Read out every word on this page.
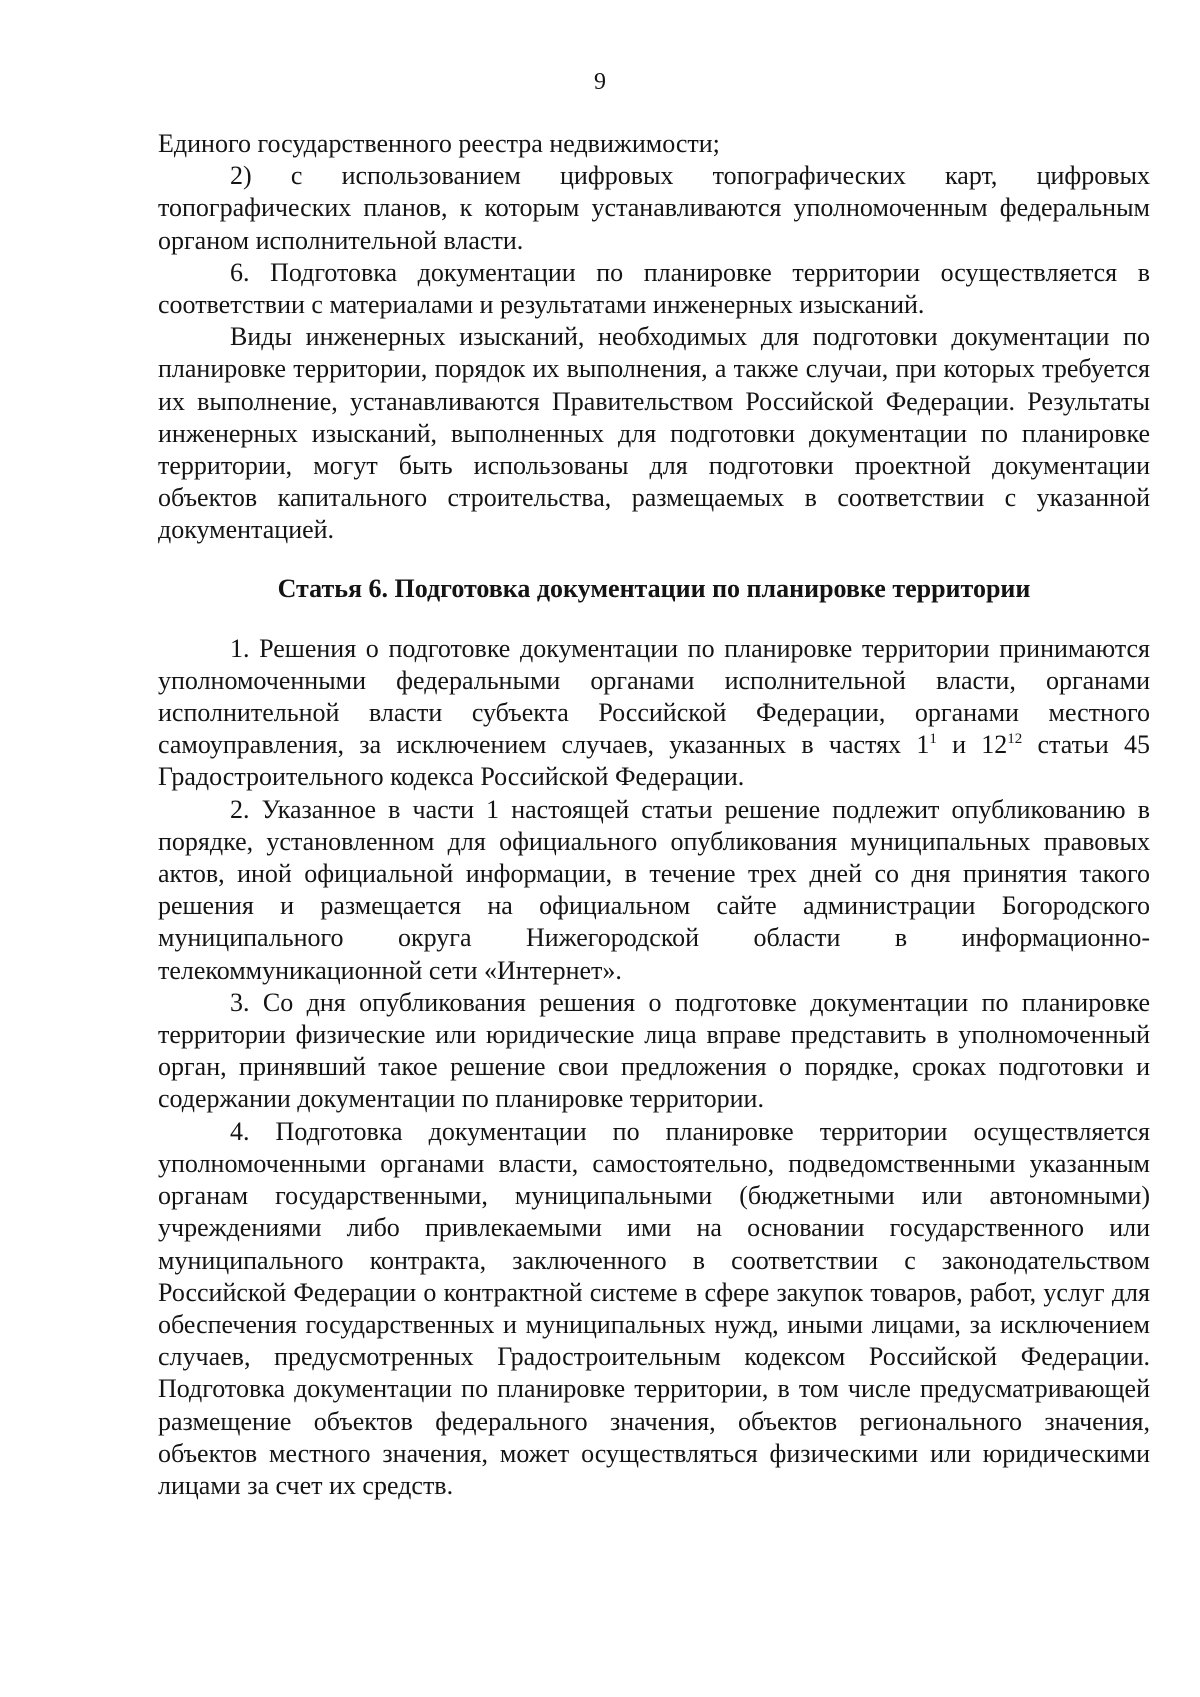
9

Единого государственного реестра недвижимости;

2) с использованием цифровых топографических карт, цифровых топографических планов, к которым устанавливаются уполномоченным федеральным органом исполнительной власти.

6. Подготовка документации по планировке территории осуществляется в соответствии с материалами и результатами инженерных изысканий.

Виды инженерных изысканий, необходимых для подготовки документации по планировке территории, порядок их выполнения, а также случаи, при которых требуется их выполнение, устанавливаются Правительством Российской Федерации. Результаты инженерных изысканий, выполненных для подготовки документации по планировке территории, могут быть использованы для подготовки проектной документации объектов капитального строительства, размещаемых в соответствии с указанной документацией.

Статья 6. Подготовка документации по планировке территории

1. Решения о подготовке документации по планировке территории принимаются уполномоченными федеральными органами исполнительной власти, органами исполнительной власти субъекта Российской Федерации, органами местного самоуправления, за исключением случаев, указанных в частях $1^1$ и $12^{12}$ статьи 45 Градостроительного кодекса Российской Федерации.

2. Указанное в части 1 настоящей статьи решение подлежит опубликованию в порядке, установленном для официального опубликования муниципальных правовых актов, иной официальной информации, в течение трех дней со дня принятия такого решения и размещается на официальном сайте администрации Богородского муниципального округа Нижегородской области в информационно-телекоммуникационной сети «Интернет».

3. Со дня опубликования решения о подготовке документации по планировке территории физические или юридические лица вправе представить в уполномоченный орган, принявший такое решение свои предложения о порядке, сроках подготовки и содержании документации по планировке территории.

4. Подготовка документации по планировке территории осуществляется уполномоченными органами власти, самостоятельно, подведомственными указанным органам государственными, муниципальными (бюджетными или автономными) учреждениями либо привлекаемыми ими на основании государственного или муниципального контракта, заключенного в соответствии с законодательством Российской Федерации о контрактной системе в сфере закупок товаров, работ, услуг для обеспечения государственных и муниципальных нужд, иными лицами, за исключением случаев, предусмотренных Градостроительным кодексом Российской Федерации. Подготовка документации по планировке территории, в том числе предусматривающей размещение объектов федерального значения, объектов регионального значения, объектов местного значения, может осуществляться физическими или юридическими лицами за счет их средств.
